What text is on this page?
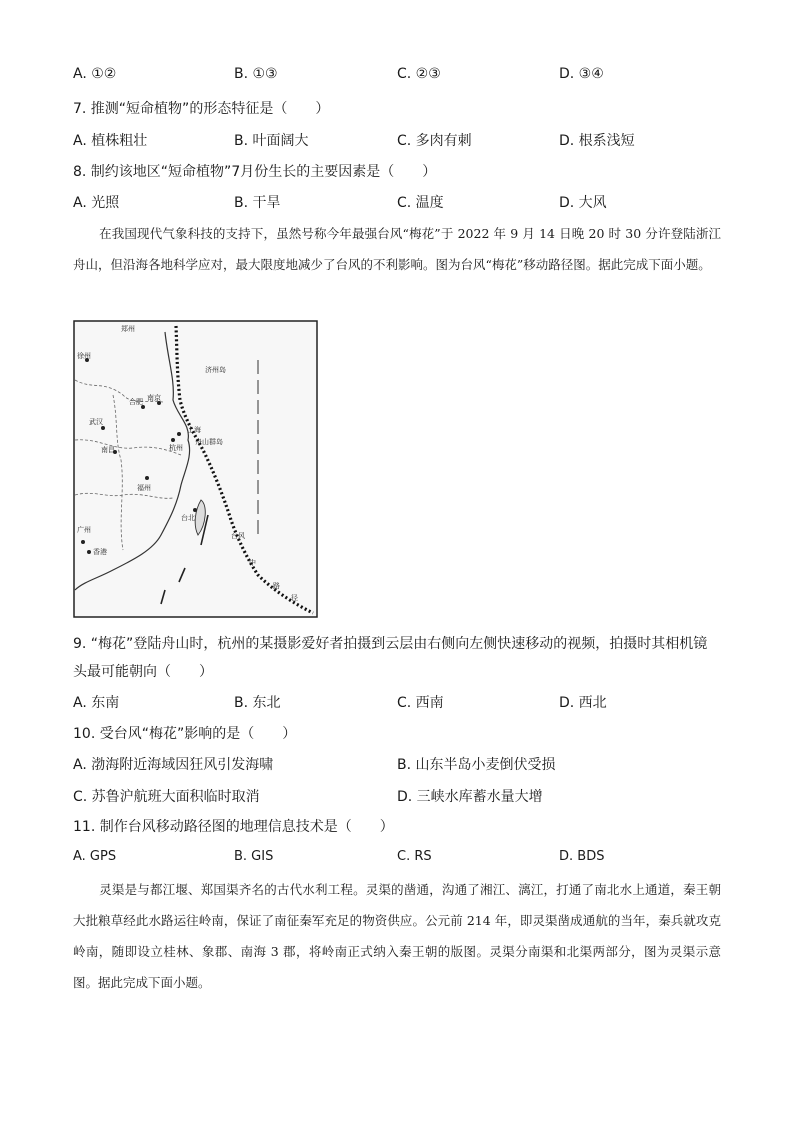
A. ①②	B. ①③	C. ②③	D. ③④
7. 推测“短命植物”的形态特征是（　　）
A. 植株粗壮	B. 叶面阔大	C. 多肉有刺	D. 根系浅短
8. 制约该地区“短命植物”7月份生长的主要因素是（　　）
A. 光照	B. 干旱	C. 温度	D. 大风
在我国现代气象科技的支持下，虽然号称今年最强台风“梅花”于 2022 年 9 月 14 日晚 20 时 30 分许登陆浙江舟山，但沿海各地科学应对，最大限度地减少了台风的不利影响。图为台风“梅花”移动路径图。据此完成下面小题。
郑州
徐州
济州岛
合肥 南京
武汉
上海
杭州
舟山群岛
南昌
福州
台北
广州
香港
台风
中
路
径
9. “梅花”登陆舟山时，杭州的某摄影爱好者拍摄到云层由右侧向左侧快速移动的视频，拍摄时其相机镜
头最可能朝向（　　）
A. 东南	B. 东北	C. 西南	D. 西北
10. 受台风“梅花”影响的是（　　）
A. 渤海附近海域因狂风引发海啸	B. 山东半岛小麦倒伏受损
C. 苏鲁沪航班大面积临时取消	D. 三峡水库蓄水量大增
11. 制作台风移动路径图的地理信息技术是（　　）
A. GPS	B. GIS	C. RS	D. BDS
灵渠是与都江堰、郑国渠齐名的古代水利工程。灵渠的凿通，沟通了湘江、漓江，打通了南北水上通道，秦王朝大批粮草经此水路运往岭南，保证了南征秦军充足的物资供应。公元前 214 年，即灵渠凿成通航的当年，秦兵就攻克岭南，随即设立桂林、象郡、南海 3 郡，将岭南正式纳入秦王朝的版图。灵渠分南渠和北渠两部分，图为灵渠示意图。据此完成下面小题。
